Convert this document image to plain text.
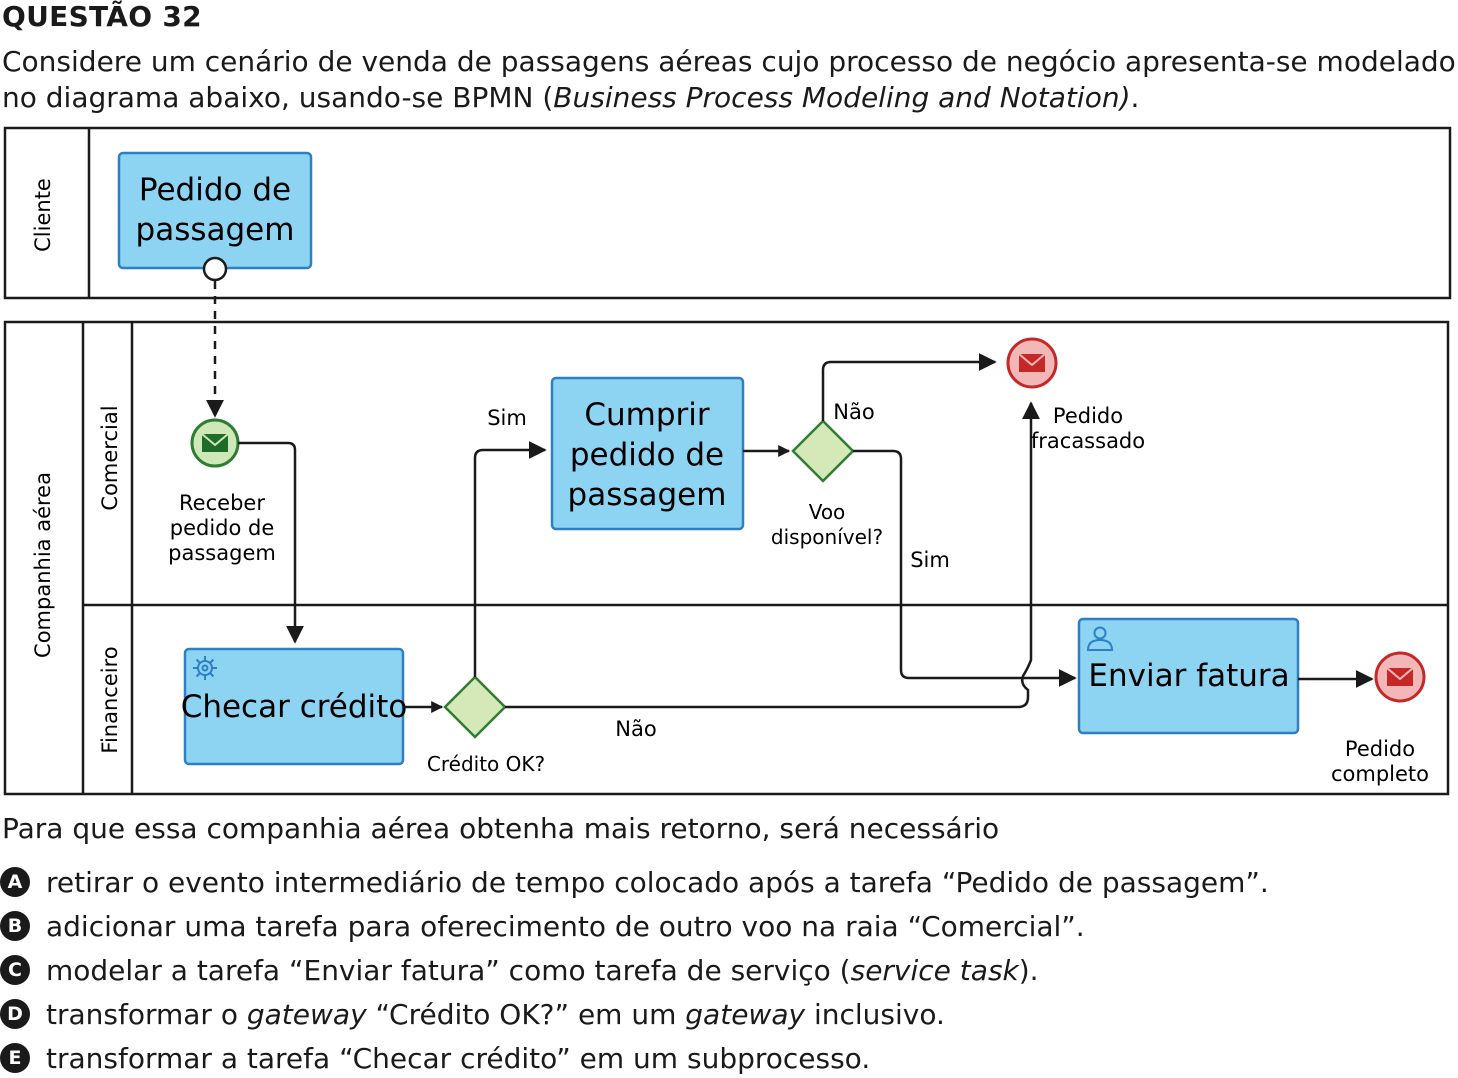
QUESTÃO 32
Considere um cenário de venda de passagens aéreas cujo processo de negócio apresenta-se modelado no diagrama abaixo, usando-se BPMN (Business Process Modeling and Notation).
Cliente
Companhia aérea
Comercial
Financeiro
Pedido de
passagem
Receber
pedido de
passagem
Checar crédito
Crédito OK?
Sim
Não
Cumprir
pedido de
passagem	Voo
disponível?
Não
Sim
Pedido
fracassado
Enviar fatura
Pedido
completo
Para que essa companhia aérea obtenha mais retorno, será necessário
A retirar o evento intermediário de tempo colocado após a tarefa “Pedido de passagem”.
B adicionar uma tarefa para oferecimento de outro voo na raia “Comercial”.
C modelar a tarefa “Enviar fatura” como tarefa de serviço (service task).
D transformar o gateway “Crédito OK?” em um gateway inclusivo.
E transformar a tarefa “Checar crédito” em um subprocesso.
